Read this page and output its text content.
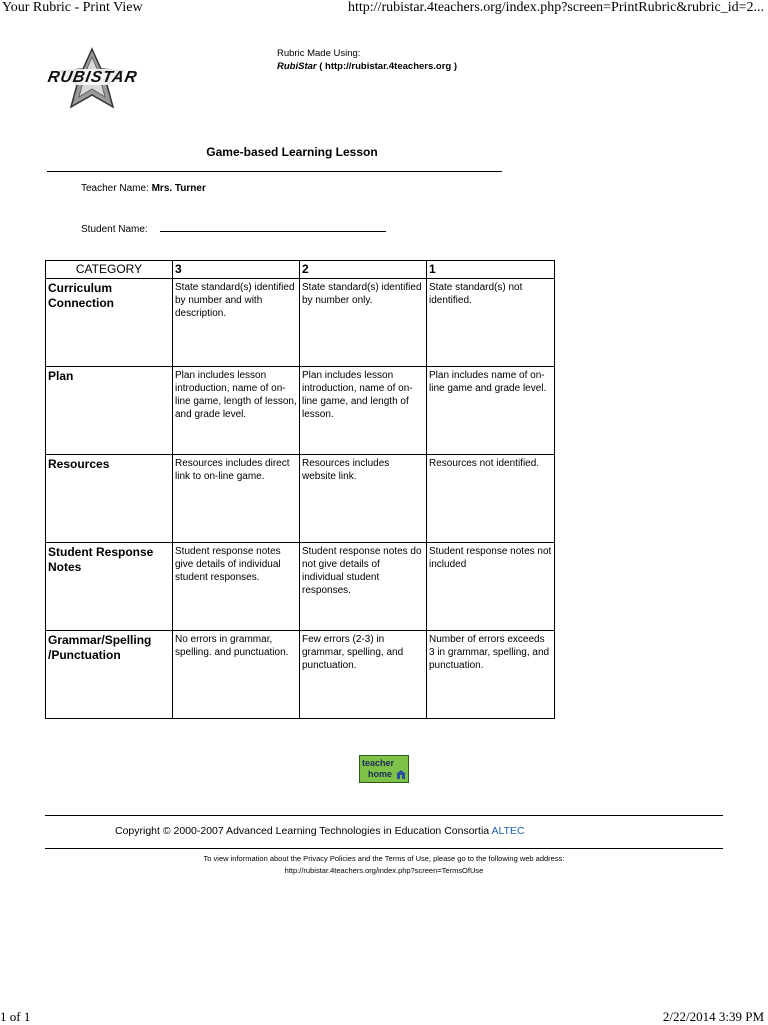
Your Rubric - Print View	http://rubistar.4teachers.org/index.php?screen=PrintRubric&rubric_id=2...
RUBISTAR
Rubric Made Using:
RubiStar ( http://rubistar.4teachers.org )
Game-based Learning Lesson
Teacher Name: Mrs. Turner
Student Name:
CATEGORY	3	2	1
Curriculum Connection	State standard(s) identified by number and with description.	State standard(s) identified by number only.	State standard(s) not identified.
Plan	Plan includes lesson introduction, name of on-line game, length of lesson, and grade level.	Plan includes lesson introduction, name of on-line game, and length of lesson.	Plan includes name of on-line game and grade level.
Resources	Resources includes direct link to on-line game.	Resources includes website link.	Resources not identified.
Student Response Notes	Student response notes give details of individual student responses.	Student response notes do not give details of individual student responses.	Student response notes not included
Grammar/Spelling /Punctuation	No errors in grammar, spelling. and punctuation.	Few errors (2-3) in grammar, spelling, and punctuation.	Number of errors exceeds 3 in grammar, spelling, and punctuation.
teacher
home
Copyright © 2000-2007 Advanced Learning Technologies in Education Consortia ALTEC
To view information about the Privacy Policies and the Terms of Use, please go to the following web address:
http://rubistar.4teachers.org/index.php?screen=TermsOfUse
1 of 1	2/22/2014 3:39 PM
